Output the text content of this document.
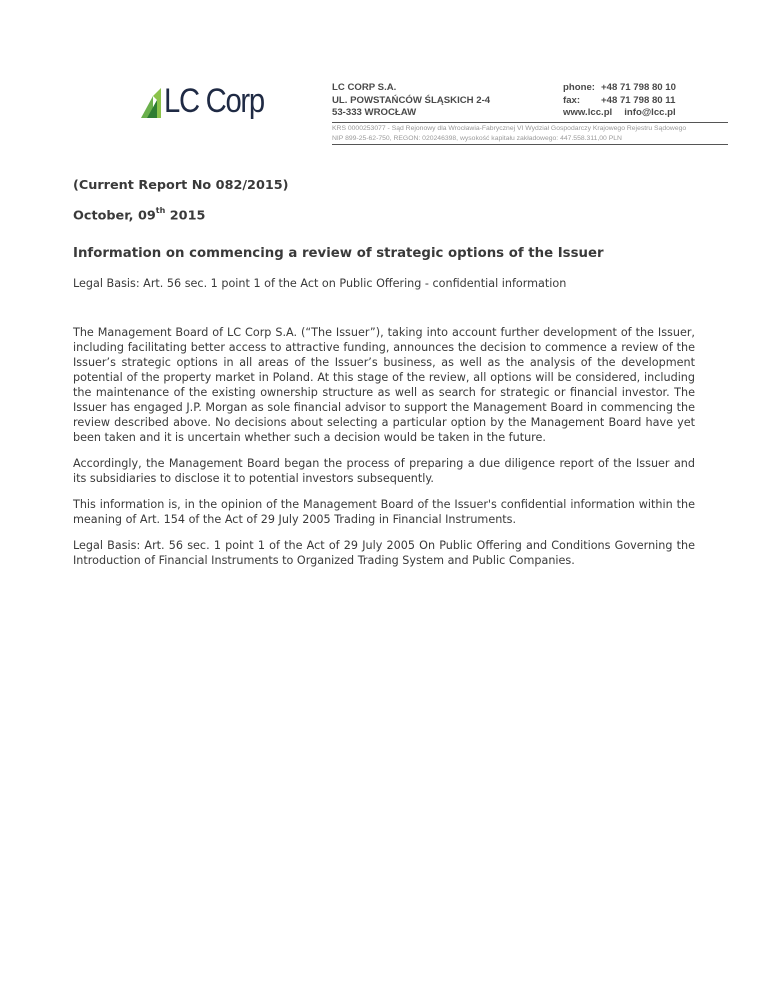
LC Corp	LC CORP S.A.
UL. POWSTAŃCÓW ŚLĄSKICH 2-4
53-333 WROCŁAW
phone: +48 71 798 80 10
fax:	+48 71 798 80 11
www.lcc.pl info@lcc.pl
KRS 0000253077 - Sąd Rejonowy dla Wrocławia-Fabrycznej VI Wydział Gospodarczy Krajowego Rejestru Sądowego
NIP 899-25-62-750, REGON: 020246398, wysokość kapitału zakładowego: 447.558.311,00 PLN
(Current Report No 082/2015)
October, 09th 2015
Information on commencing a review of strategic options of the Issuer
Legal Basis: Art. 56 sec. 1 point 1 of the Act on Public Offering - confidential information

The Management Board of LC Corp S.A. (“The Issuer”), taking into account further development of the Issuer, including facilitating better access to attractive funding, announces the decision to commence a review of the Issuer’s strategic options in all areas of the Issuer’s business, as well as the analysis of the development potential of the property market in Poland. At this stage of the review, all options will be considered, including the maintenance of the existing ownership structure as well as search for strategic or financial investor. The Issuer has engaged J.P. Morgan as sole financial advisor to support the Management Board in commencing the review described above. No decisions about selecting a particular option by the Management Board have yet been taken and it is uncertain whether such a decision would be taken in the future.

Accordingly, the Management Board began the process of preparing a due diligence report of the Issuer and its subsidiaries to disclose it to potential investors subsequently.

This information is, in the opinion of the Management Board of the Issuer's confidential information within the meaning of Art. 154 of the Act of 29 July 2005 Trading in Financial Instruments.

Legal Basis: Art. 56 sec. 1 point 1 of the Act of 29 July 2005 On Public Offering and Conditions Governing the Introduction of Financial Instruments to Organized Trading System and Public Companies.
